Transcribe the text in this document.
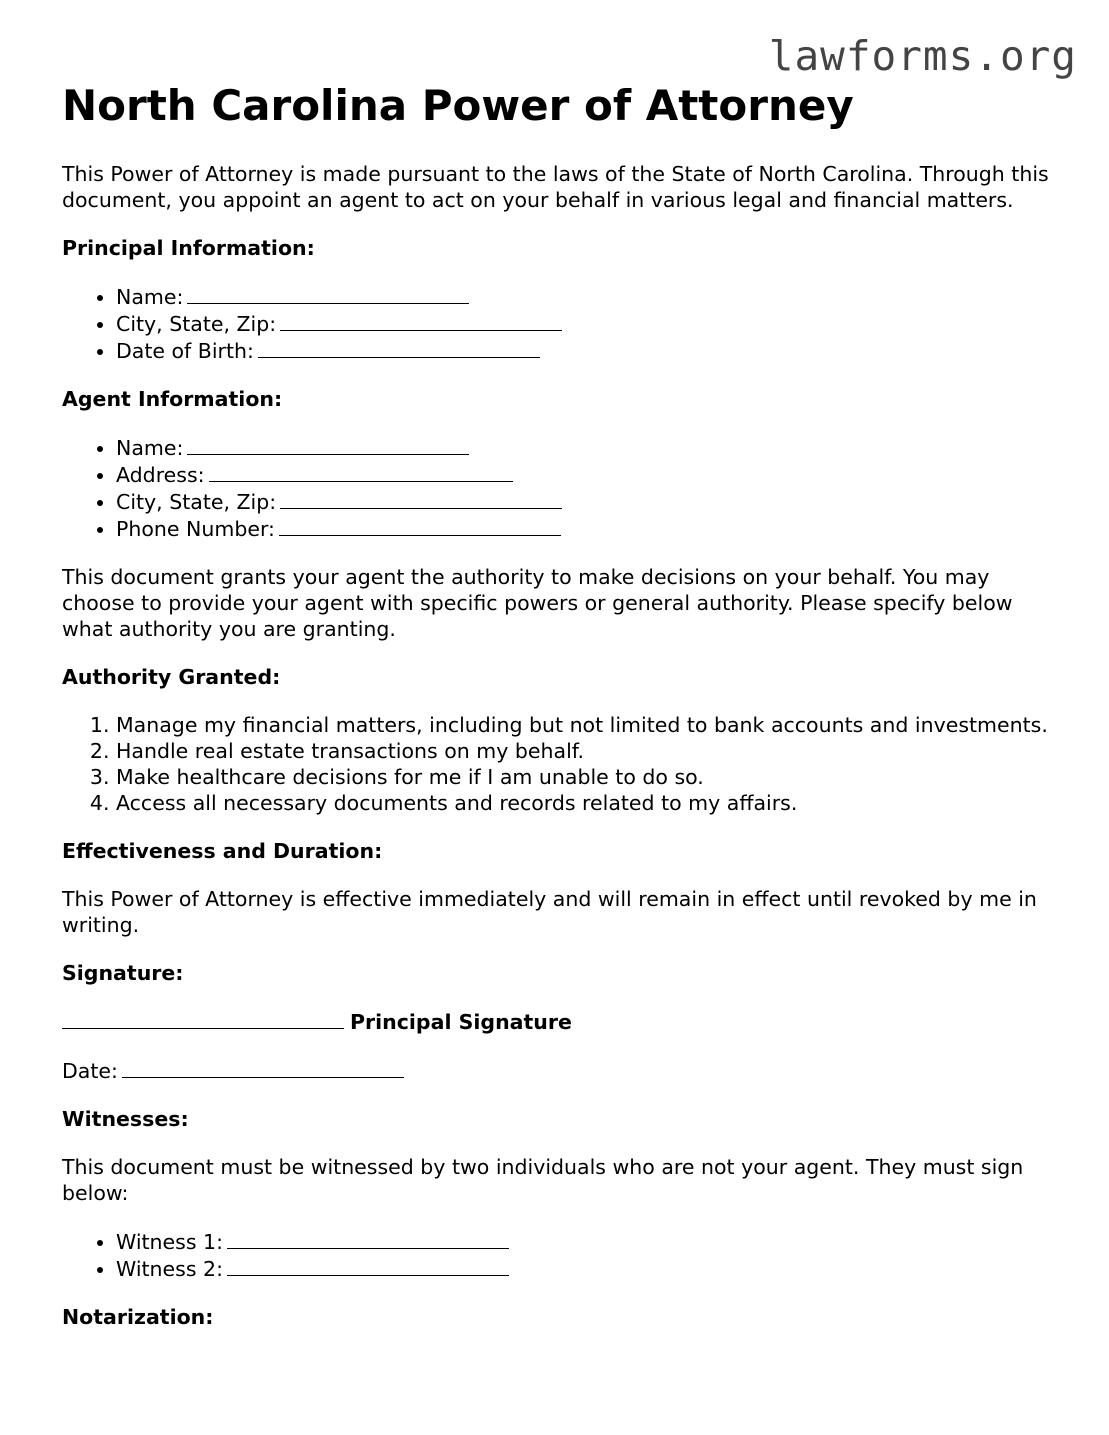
lawforms.org
North Carolina Power of Attorney

This Power of Attorney is made pursuant to the laws of the State of North Carolina. Through this document, you appoint an agent to act on your behalf in various legal and financial matters.

Principal Information:
• Name:
• City, State, Zip:
• Date of Birth:
Agent Information:
• Name:
• Address:
• City, State, Zip:
• Phone Number:

This document grants your agent the authority to make decisions on your behalf. You may choose to provide your agent with specific powers or general authority. Please specify below what authority you are granting.

Authority Granted:
1. Manage my financial matters, including but not limited to bank accounts and investments.
2. Handle real estate transactions on my behalf.
3. Make healthcare decisions for me if I am unable to do so.
4. Access all necessary documents and records related to my affairs.
Effectiveness and Duration:

This Power of Attorney is effective immediately and will remain in effect until revoked by me in writing.

Signature:

Principal Signature

Date:

Witnesses:

This document must be witnessed by two individuals who are not your agent. They must sign below:

• Witness 1:
• Witness 2:
Notarization:
